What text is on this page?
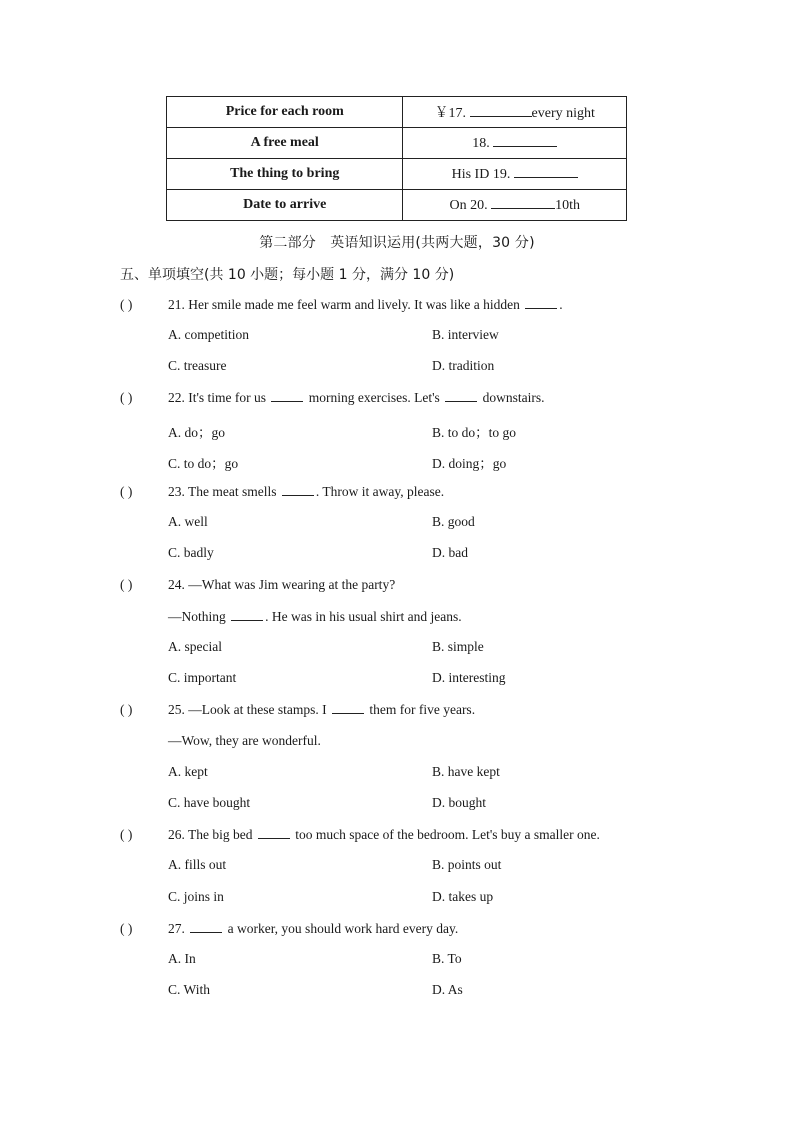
Price for each room	￥17. every night
A free meal	18.
The thing to bring	His ID 19.
Date to arrive	On 20. 10th
第二部分　英语知识运用(共两大题，30 分)
五、单项填空(共 10 小题；每小题 1 分，满分 10 分)
( )	21. Her smile made me feel warm and lively. It was like a hidden	.
A. competition	B. interview
C. treasure	D. tradition
( )	22. It's time for us	morning exercises. Let's	downstairs.
A. do；go	B. to do；to go
C. to do；go	D. doing；go
( )	23. The meat smells	. Throw it away, please.
A. well	B. good
C. badly	D. bad
( )	24. —What was Jim wearing at the party?
—Nothing	. He was in his usual shirt and jeans.
A. special	B. simple
C. important	D. interesting
( )	25. —Look at these stamps. I	them for five years.
—Wow, they are wonderful.
A. kept	B. have kept
C. have bought	D. bought
( )	26. The big bed	too much space of the bedroom. Let's buy a smaller one.
A. fills out	B. points out
C. joins in	D. takes up
( )	27.	a worker, you should work hard every day.
A. In	B. To
C. With	D. As
